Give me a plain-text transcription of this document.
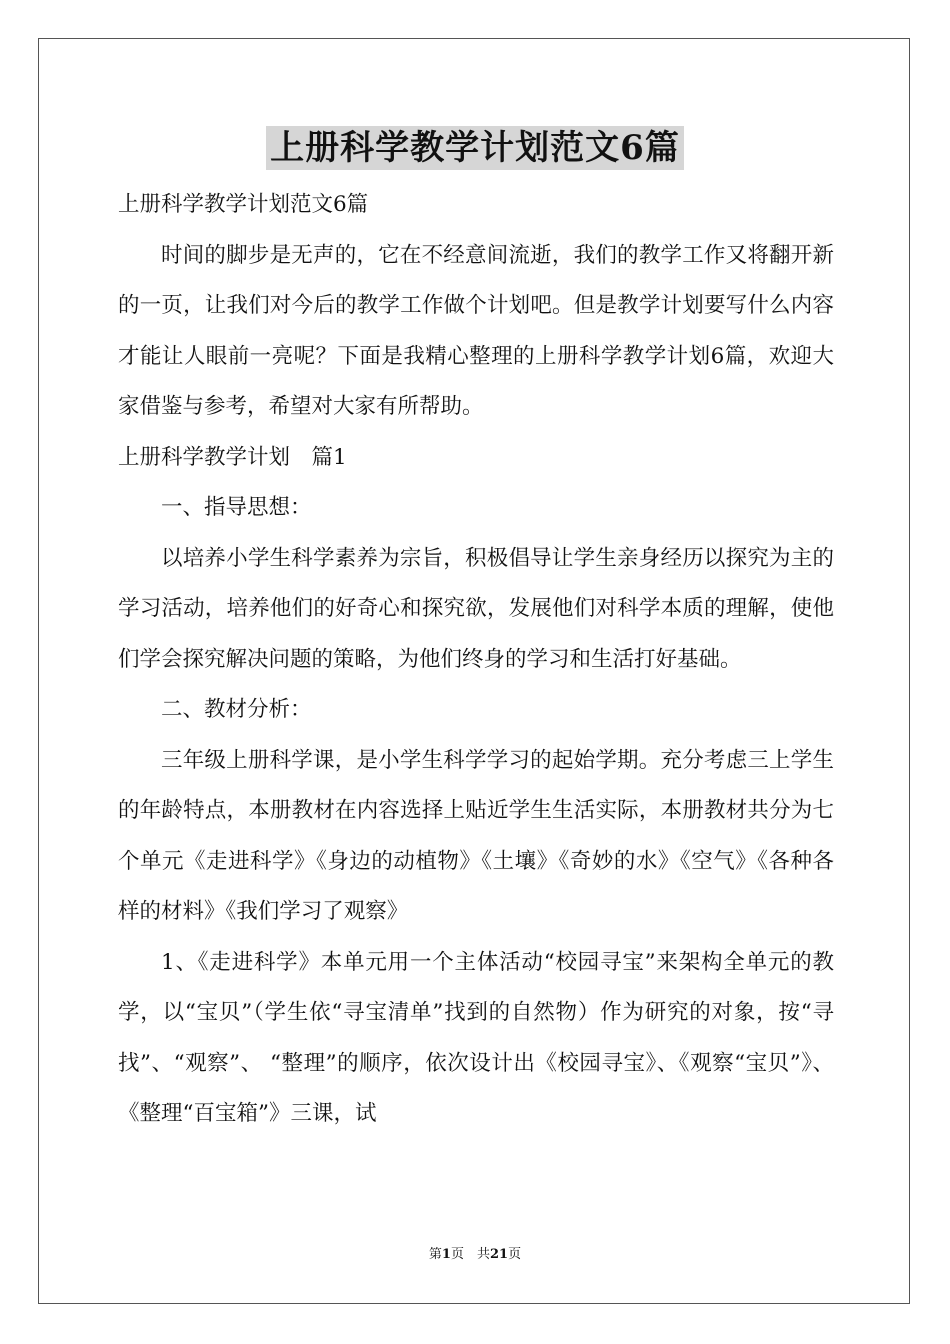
上册科学教学计划范文6篇

上册科学教学计划范文6篇

时间的脚步是无声的，它在不经意间流逝，我们的教学工作又将翻开新的一页，让我们对今后的教学工作做个计划吧。但是教学计划要写什么内容才能让人眼前一亮呢？下面是我精心整理的上册科学教学计划6篇，欢迎大家借鉴与参考，希望对大家有所帮助。

上册科学教学计划　篇1

一、指导思想：

以培养小学生科学素养为宗旨，积极倡导让学生亲身经历以探究为主的学习活动，培养他们的好奇心和探究欲，发展他们对科学本质的理解，使他们学会探究解决问题的策略，为他们终身的学习和生活打好基础。

二、教材分析：

三年级上册科学课，是小学生科学学习的起始学期。充分考虑三上学生的年龄特点，本册教材在内容选择上贴近学生生活实际，本册教材共分为七个单元《走进科学》《身边的动植物》《土壤》《奇妙的水》《空气》《各种各样的材料》《我们学习了观察》

1、《走进科学》本单元用一个主体活动“校园寻宝”来架构全单元的教学，以“宝贝”（学生依“寻宝清单”找到的自然物）作为研究的对象，按“寻找”、“观察”、 “整理”的顺序，依次设计出《校园寻宝》、《观察“宝贝”》、《整理“百宝箱”》三课，试

第1页　共21页
